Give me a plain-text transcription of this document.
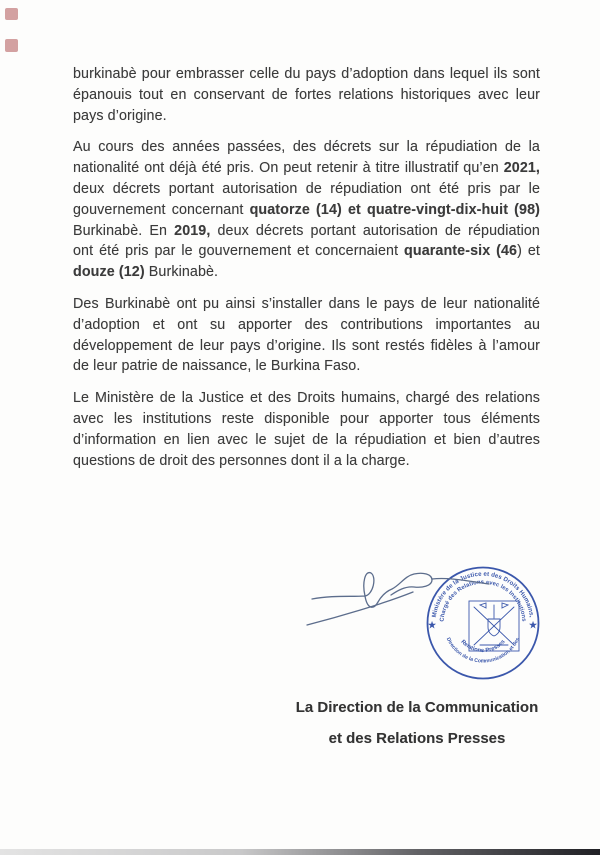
burkinabè pour embrasser celle du pays d’adoption dans lequel ils sont épanouis tout en conservant de fortes relations historiques avec leur pays d’origine.

Au cours des années passées, des décrets sur la répudiation de la nationalité ont déjà été pris. On peut retenir à titre illustratif qu’en 2021, deux décrets portant autorisation de répudiation ont été pris par le gouvernement concernant quatorze (14) et quatre-vingt-dix-huit (98) Burkinabè. En 2019, deux décrets portant autorisation de répudiation ont été pris par le gouvernement et concernaient quarante-six (46) et douze (12) Burkinabè.

Des Burkinabè ont pu ainsi s’installer dans le pays de leur nationalité d’adoption et ont su apporter des contributions importantes au développement de leur pays d’origine. Ils sont restés fidèles à l’amour de leur patrie de naissance, le Burkina Faso.

Le Ministère de la Justice et des Droits humains, chargé des relations avec les institutions reste disponible pour apporter tous éléments d’information en lien avec le sujet de la répudiation et bien d’autres questions de droit des personnes dont il a la charge.

Ministère de la Justice et des Droits Humains,
Chargé des Relations avec les Institutions
Direction de la Communication et des
Relations Presses
★	★
La Direction de la Communication
et des Relations Presses
